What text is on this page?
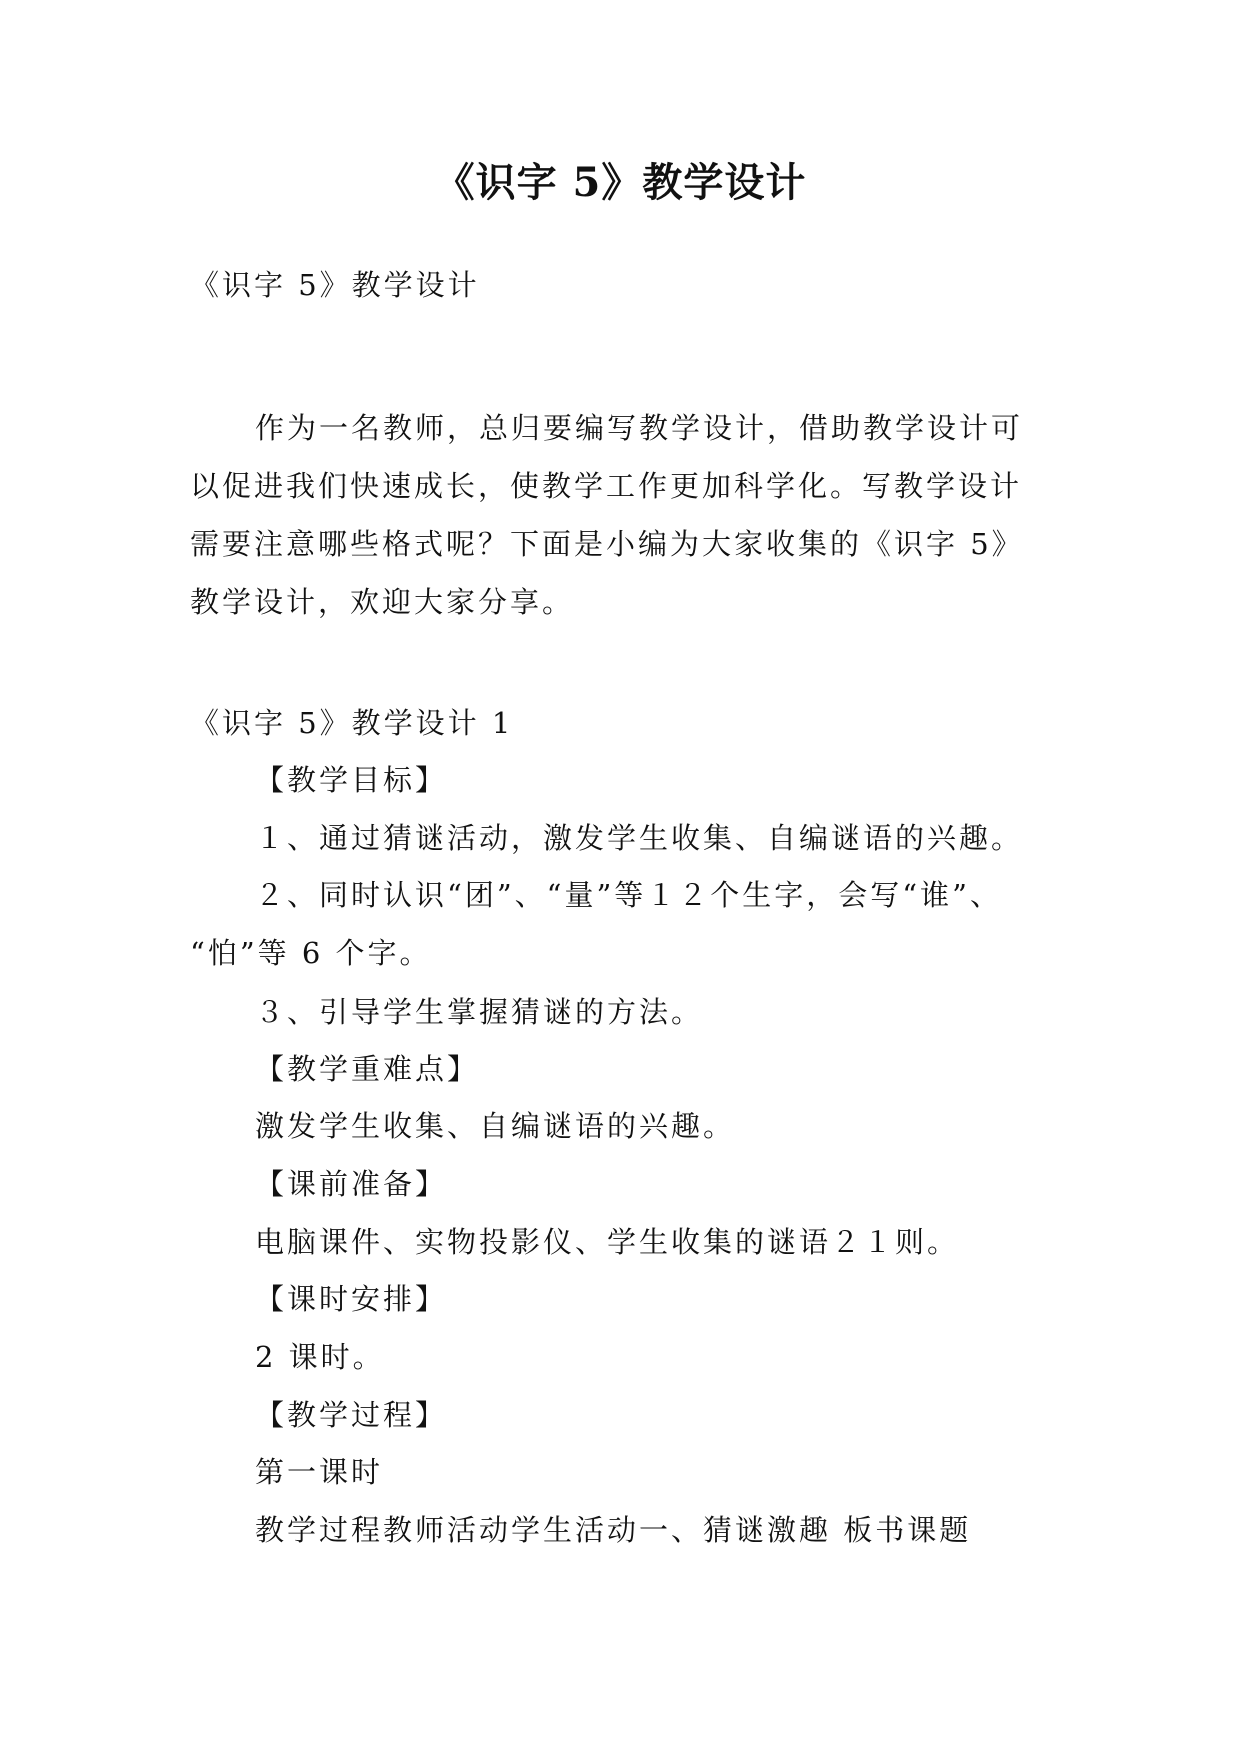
《识字 5》教学设计
《识字 5》教学设计
作为一名教师，总归要编写教学设计，借助教学设计可
以促进我们快速成长，使教学工作更加科学化。写教学设计
需要注意哪些格式呢？下面是小编为大家收集的《识字 5》
教学设计，欢迎大家分享。
《识字 5》教学设计 1
【教学目标】
１、通过猜谜活动，激发学生收集、自编谜语的兴趣。
２、同时认识“团”、“量”等１２个生字，会写“谁”、
“怕”等 6 个字。
３、引导学生掌握猜谜的方法。
【教学重难点】
激发学生收集、自编谜语的兴趣。
【课前准备】
电脑课件、实物投影仪、学生收集的谜语２１则。
【课时安排】
2 课时。
【教学过程】
第一课时
教学过程教师活动学生活动一、猜谜激趣 板书课题
